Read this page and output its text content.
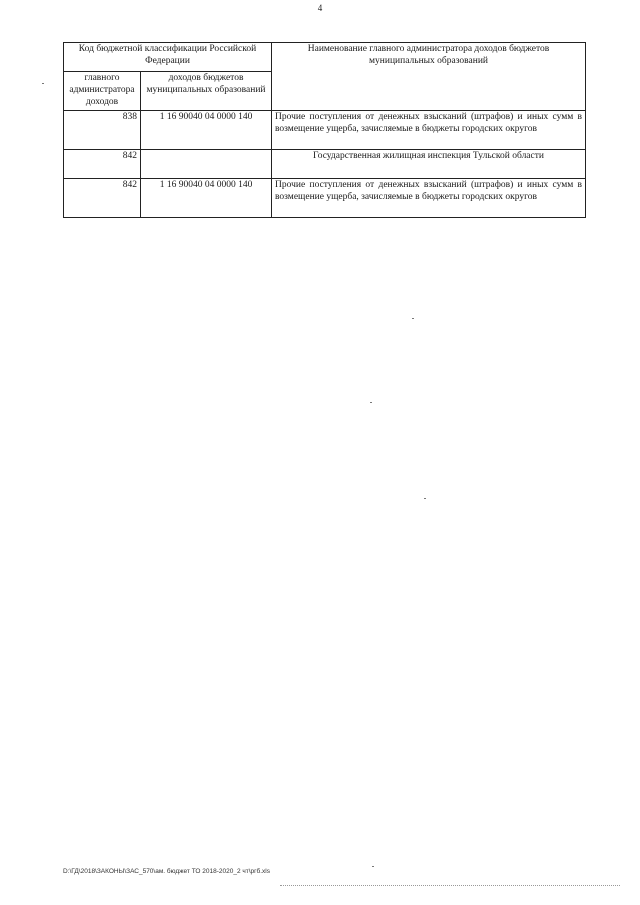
4
Код бюджетной классификации Российской Федерации		Наименование главного администратора доходов бюджетов муниципальных образований
главного администратора доходов	доходов бюджетов муниципальных образований	
838	1 16 90040 04 0000 140	Прочие поступления от денежных взысканий (штрафов) и иных сумм в возмещение ущерба, зачисляемые в бюджеты городских округов
842		Государственная жилищная инспекция Тульской области
842	1 16 90040 04 0000 140	Прочие поступления от денежных взысканий (штрафов) и иных сумм в возмещение ущерба, зачисляемые в бюджеты городских округов
D:\ГД\2018\ЗАКОНЫ\ЗАС_570\ам. бюджет ТО 2018-2020_2 чт\ргб.xls
